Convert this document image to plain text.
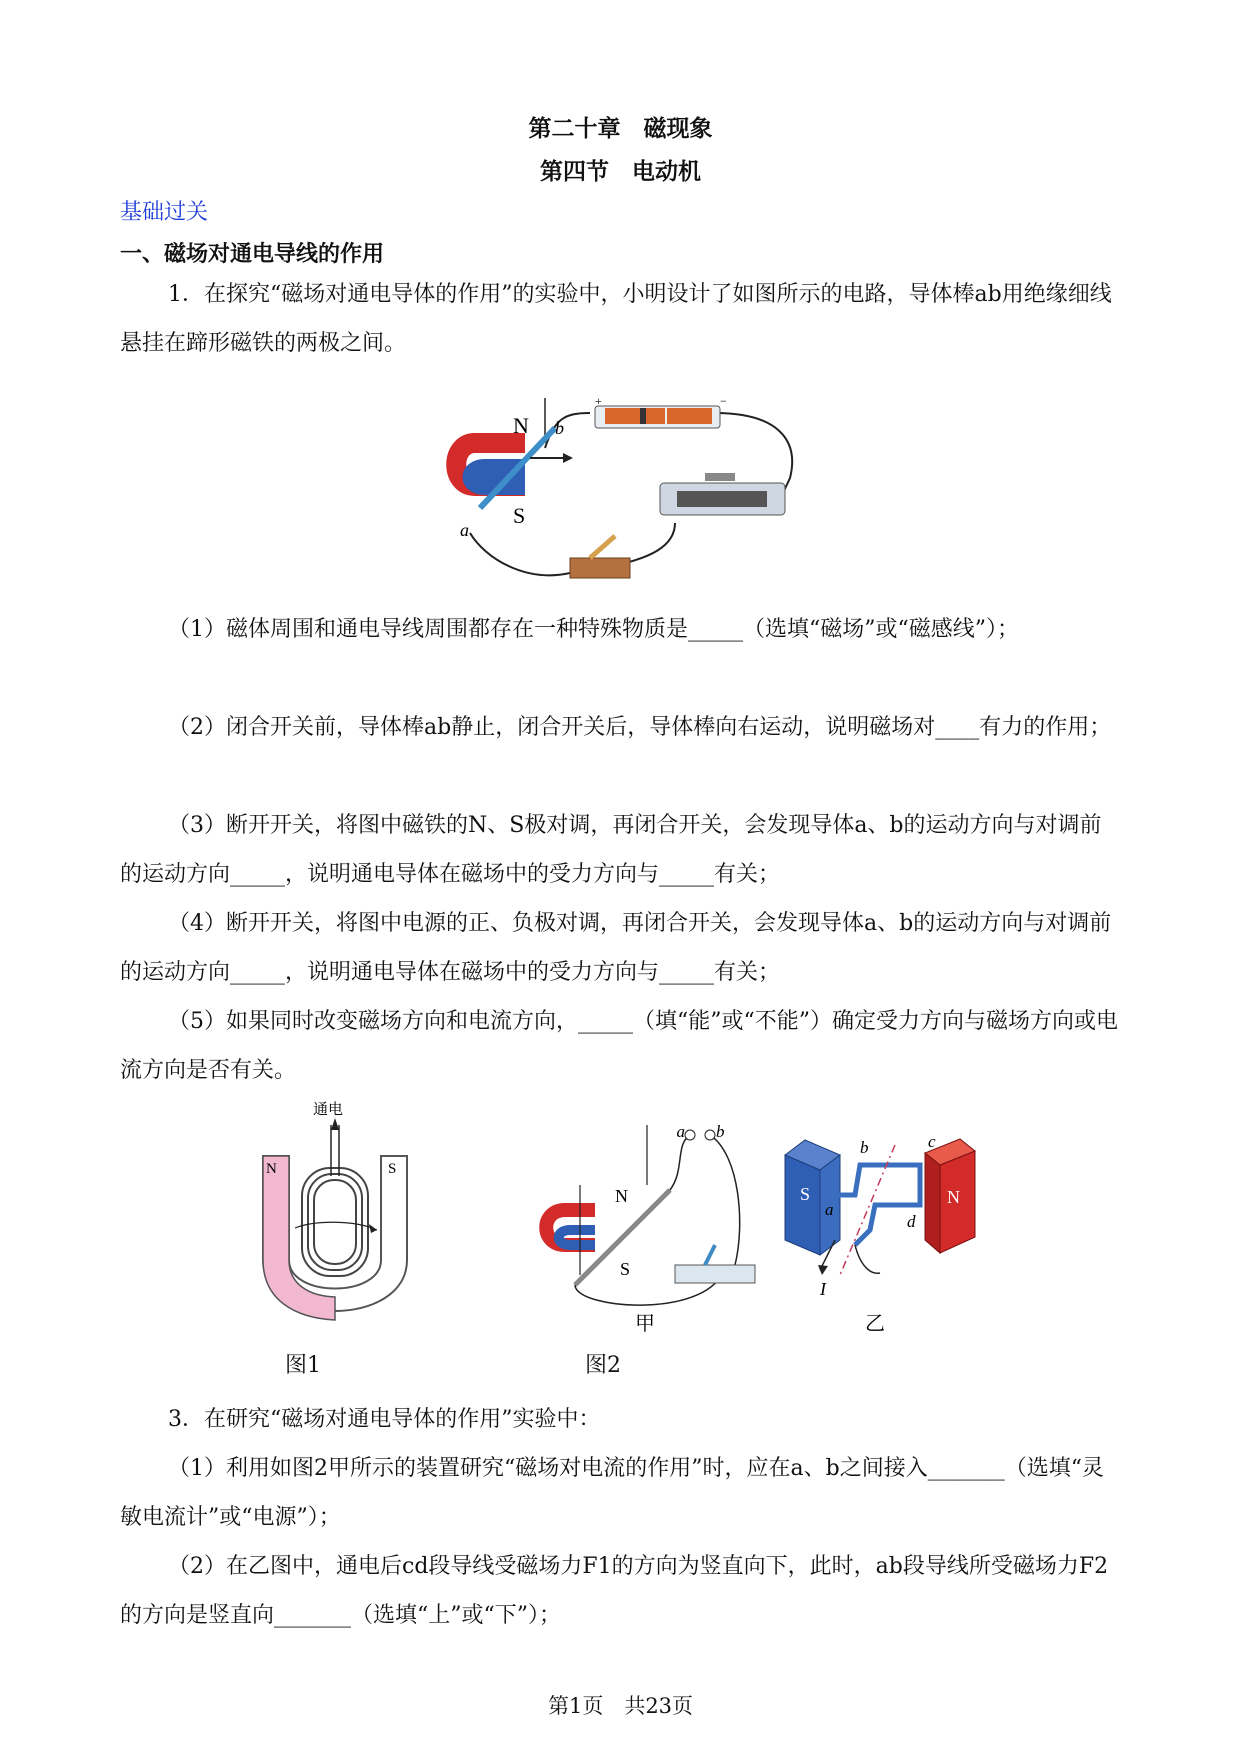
第二十章　磁现象
第四节　电动机
基础过关
一、磁场对通电导线的作用

1．在探究“磁场对通电导体的作用”的实验中，小明设计了如图所示的电路，导体棒ab用绝缘细线悬挂在蹄形磁铁的两极之间。

+	−
N
S
b
a

（1）磁体周围和通电导线周围都存在一种特殊物质是_____（选填“磁场”或“磁感线”）；

（2）闭合开关前，导体棒ab静止，闭合开关后，导体棒向右运动，说明磁场对____有力的作用；

（3）断开开关，将图中磁铁的N、S极对调，再闭合开关，会发现导体a、b的运动方向与对调前的运动方向_____，说明通电导体在磁场中的受力方向与_____有关；

（4）断开开关，将图中电源的正、负极对调，再闭合开关，会发现导体a、b的运动方向与对调前的运动方向_____，说明通电导体在磁场中的受力方向与_____有关；

（5）如果同时改变磁场方向和电流方向，_____（填“能”或“不能”）确定受力方向与磁场方向或电流方向是否有关。

通电
N	S
图1
a b
N
S
甲
S	N
a
b	c
d
I
乙
图2

3．在研究“磁场对通电导体的作用”实验中：

（1）利用如图2甲所示的装置研究“磁场对电流的作用”时，应在a、b之间接入_______（选填“灵敏电流计”或“电源”）；

（2）在乙图中，通电后cd段导线受磁场力F1的方向为竖直向下，此时，ab段导线所受磁场力F2的方向是竖直向_______（选填“上”或“下”）；

第1页　共23页
